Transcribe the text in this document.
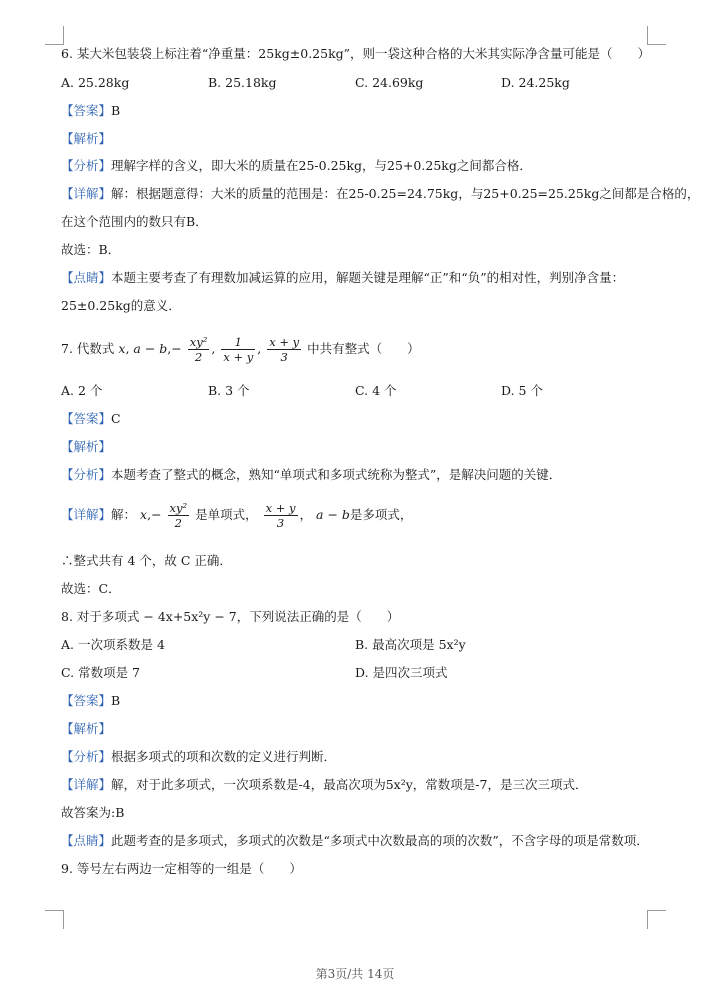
6. 某大米包装袋上标注着“净重量：25kg±0.25kg”，则一袋这种合格的大米其实际净含量可能是（　　）
A. 25.28kg	B. 25.18kg	C. 24.69kg	D. 24.25kg
【答案】B
【解析】
【分析】理解字样的含义，即大米的质量在25-0.25kg，与25+0.25kg之间都合格．
【详解】解：根据题意得：大米的质量的范围是：在25-0.25=24.75kg，与25+0.25=25.25kg之间都是合格的，
在这个范围内的数只有B．
故选：B．
【点睛】本题主要考查了有理数加减运算的应用，解题关键是理解“正”和“负”的相对性，判别净含量：
25±0.25kg的意义．
7. 代数式 x, $a - b,- \frac{\text{xy²}}{2}$ , $\frac{1}{x + y}$ , $\frac{x + y}{3}$ 中共有整式（　　）
A. 2 个	B. 3 个	C. 4 个	D. 5 个
【答案】C
【解析】
【分析】本题考查了整式的概念，熟知“单项式和多项式统称为整式”，是解决问题的关键．
【详解】解： $x,- \frac{\text{xy²}}{2}$ 是单项式， $\frac{x + y}{3}$ ， a − b是多项式，
∴整式共有 4 个，故 C 正确．
故选：C．
8. 对于多项式 − 4x+5x²y − 7，下列说法正确的是（　　）
A. 一次项系数是 4	B. 最高次项是 5x²y
C. 常数项是 7	D. 是四次三项式
【答案】B
【解析】
【分析】根据多项式的项和次数的定义进行判断．
【详解】解，对于此多项式，一次项系数是-4，最高次项为5x²y，常数项是-7，是三次三项式．
故答案为:B
【点睛】此题考查的是多项式，多项式的次数是“多项式中次数最高的项的次数”，不含字母的项是常数项．
9. 等号左右两边一定相等的一组是（　　）
第3页/共 14页
